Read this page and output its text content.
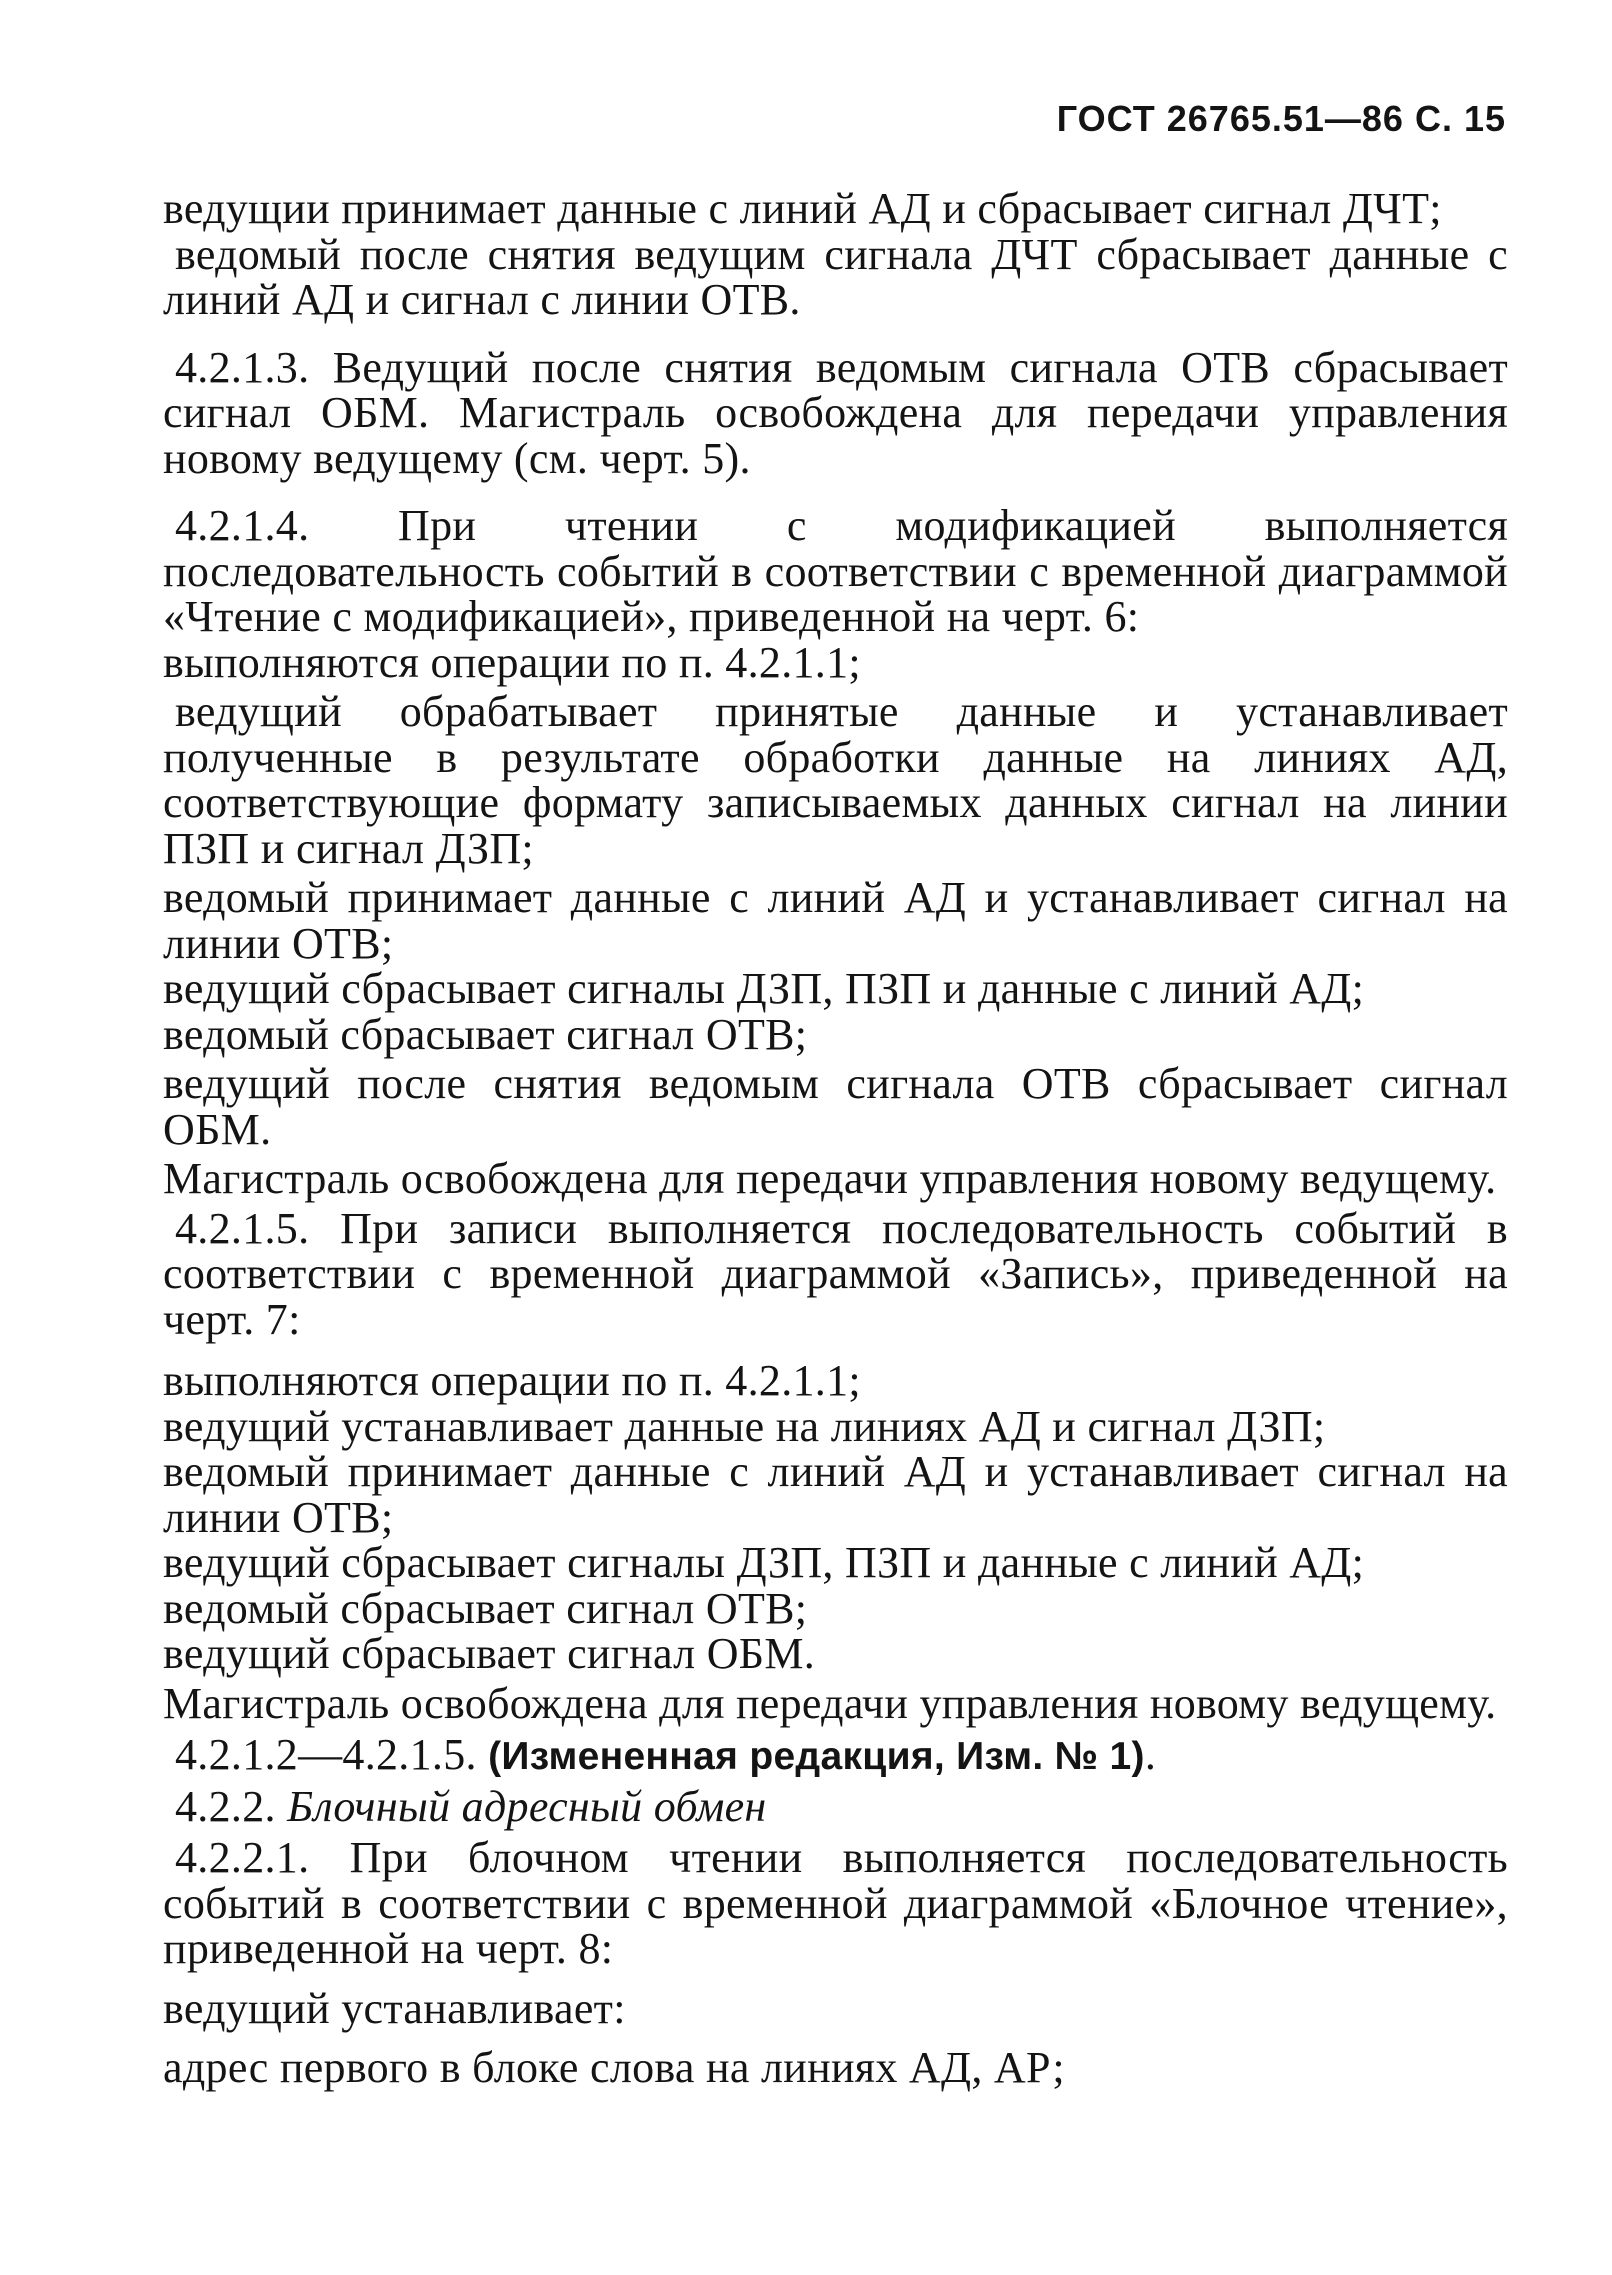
ГОСТ 26765.51—86 С. 15

ведущии принимает данные с линий АД и сбрасывает сигнал ДЧТ;

ведомый после снятия ведущим сигнала ДЧТ сбрасывает данные с линий АД и сигнал с линии ОТВ.

4.2.1.3. Ведущий после снятия ведомым сигнала ОТВ сбрасывает сигнал ОБМ. Магистраль освобождена для передачи управления новому ведущему (см. черт. 5).

4.2.1.4. При чтении с модификацией выполняется последовательность событий в соответствии с временной диаграммой «Чтение с модификацией», приведенной на черт. 6:

выполняются операции по п. 4.2.1.1;

ведущий обрабатывает принятые данные и устанавливает полученные в результате обработки данные на линиях АД, соответствующие формату записываемых данных сигнал на линии ПЗП и сигнал ДЗП;

ведомый принимает данные с линий АД и устанавливает сигнал на линии ОТВ;

ведущий сбрасывает сигналы ДЗП, ПЗП и данные с линий АД;

ведомый сбрасывает сигнал ОТВ;

ведущий после снятия ведомым сигнала ОТВ сбрасывает сигнал ОБМ.

Магистраль освобождена для передачи управления новому ведущему.

4.2.1.5. При записи выполняется последовательность событий в соответствии с временной диаграммой «Запись», приведенной на черт. 7:

выполняются операции по п. 4.2.1.1;

ведущий устанавливает данные на линиях АД и сигнал ДЗП;

ведомый принимает данные с линий АД и устанавливает сигнал на линии ОТВ;

ведущий сбрасывает сигналы ДЗП, ПЗП и данные с линий АД;

ведомый сбрасывает сигнал ОТВ;

ведущий сбрасывает сигнал ОБМ.

Магистраль освобождена для передачи управления новому ведущему.

4.2.1.2—4.2.1.5. (Измененная редакция, Изм. № 1).

4.2.2. Блочный адресный обмен

4.2.2.1. При блочном чтении выполняется последовательность событий в соответствии с временной диаграммой «Блочное чтение», приведенной на черт. 8:

ведущий устанавливает:

адрес первого в блоке слова на линиях АД, АР;
